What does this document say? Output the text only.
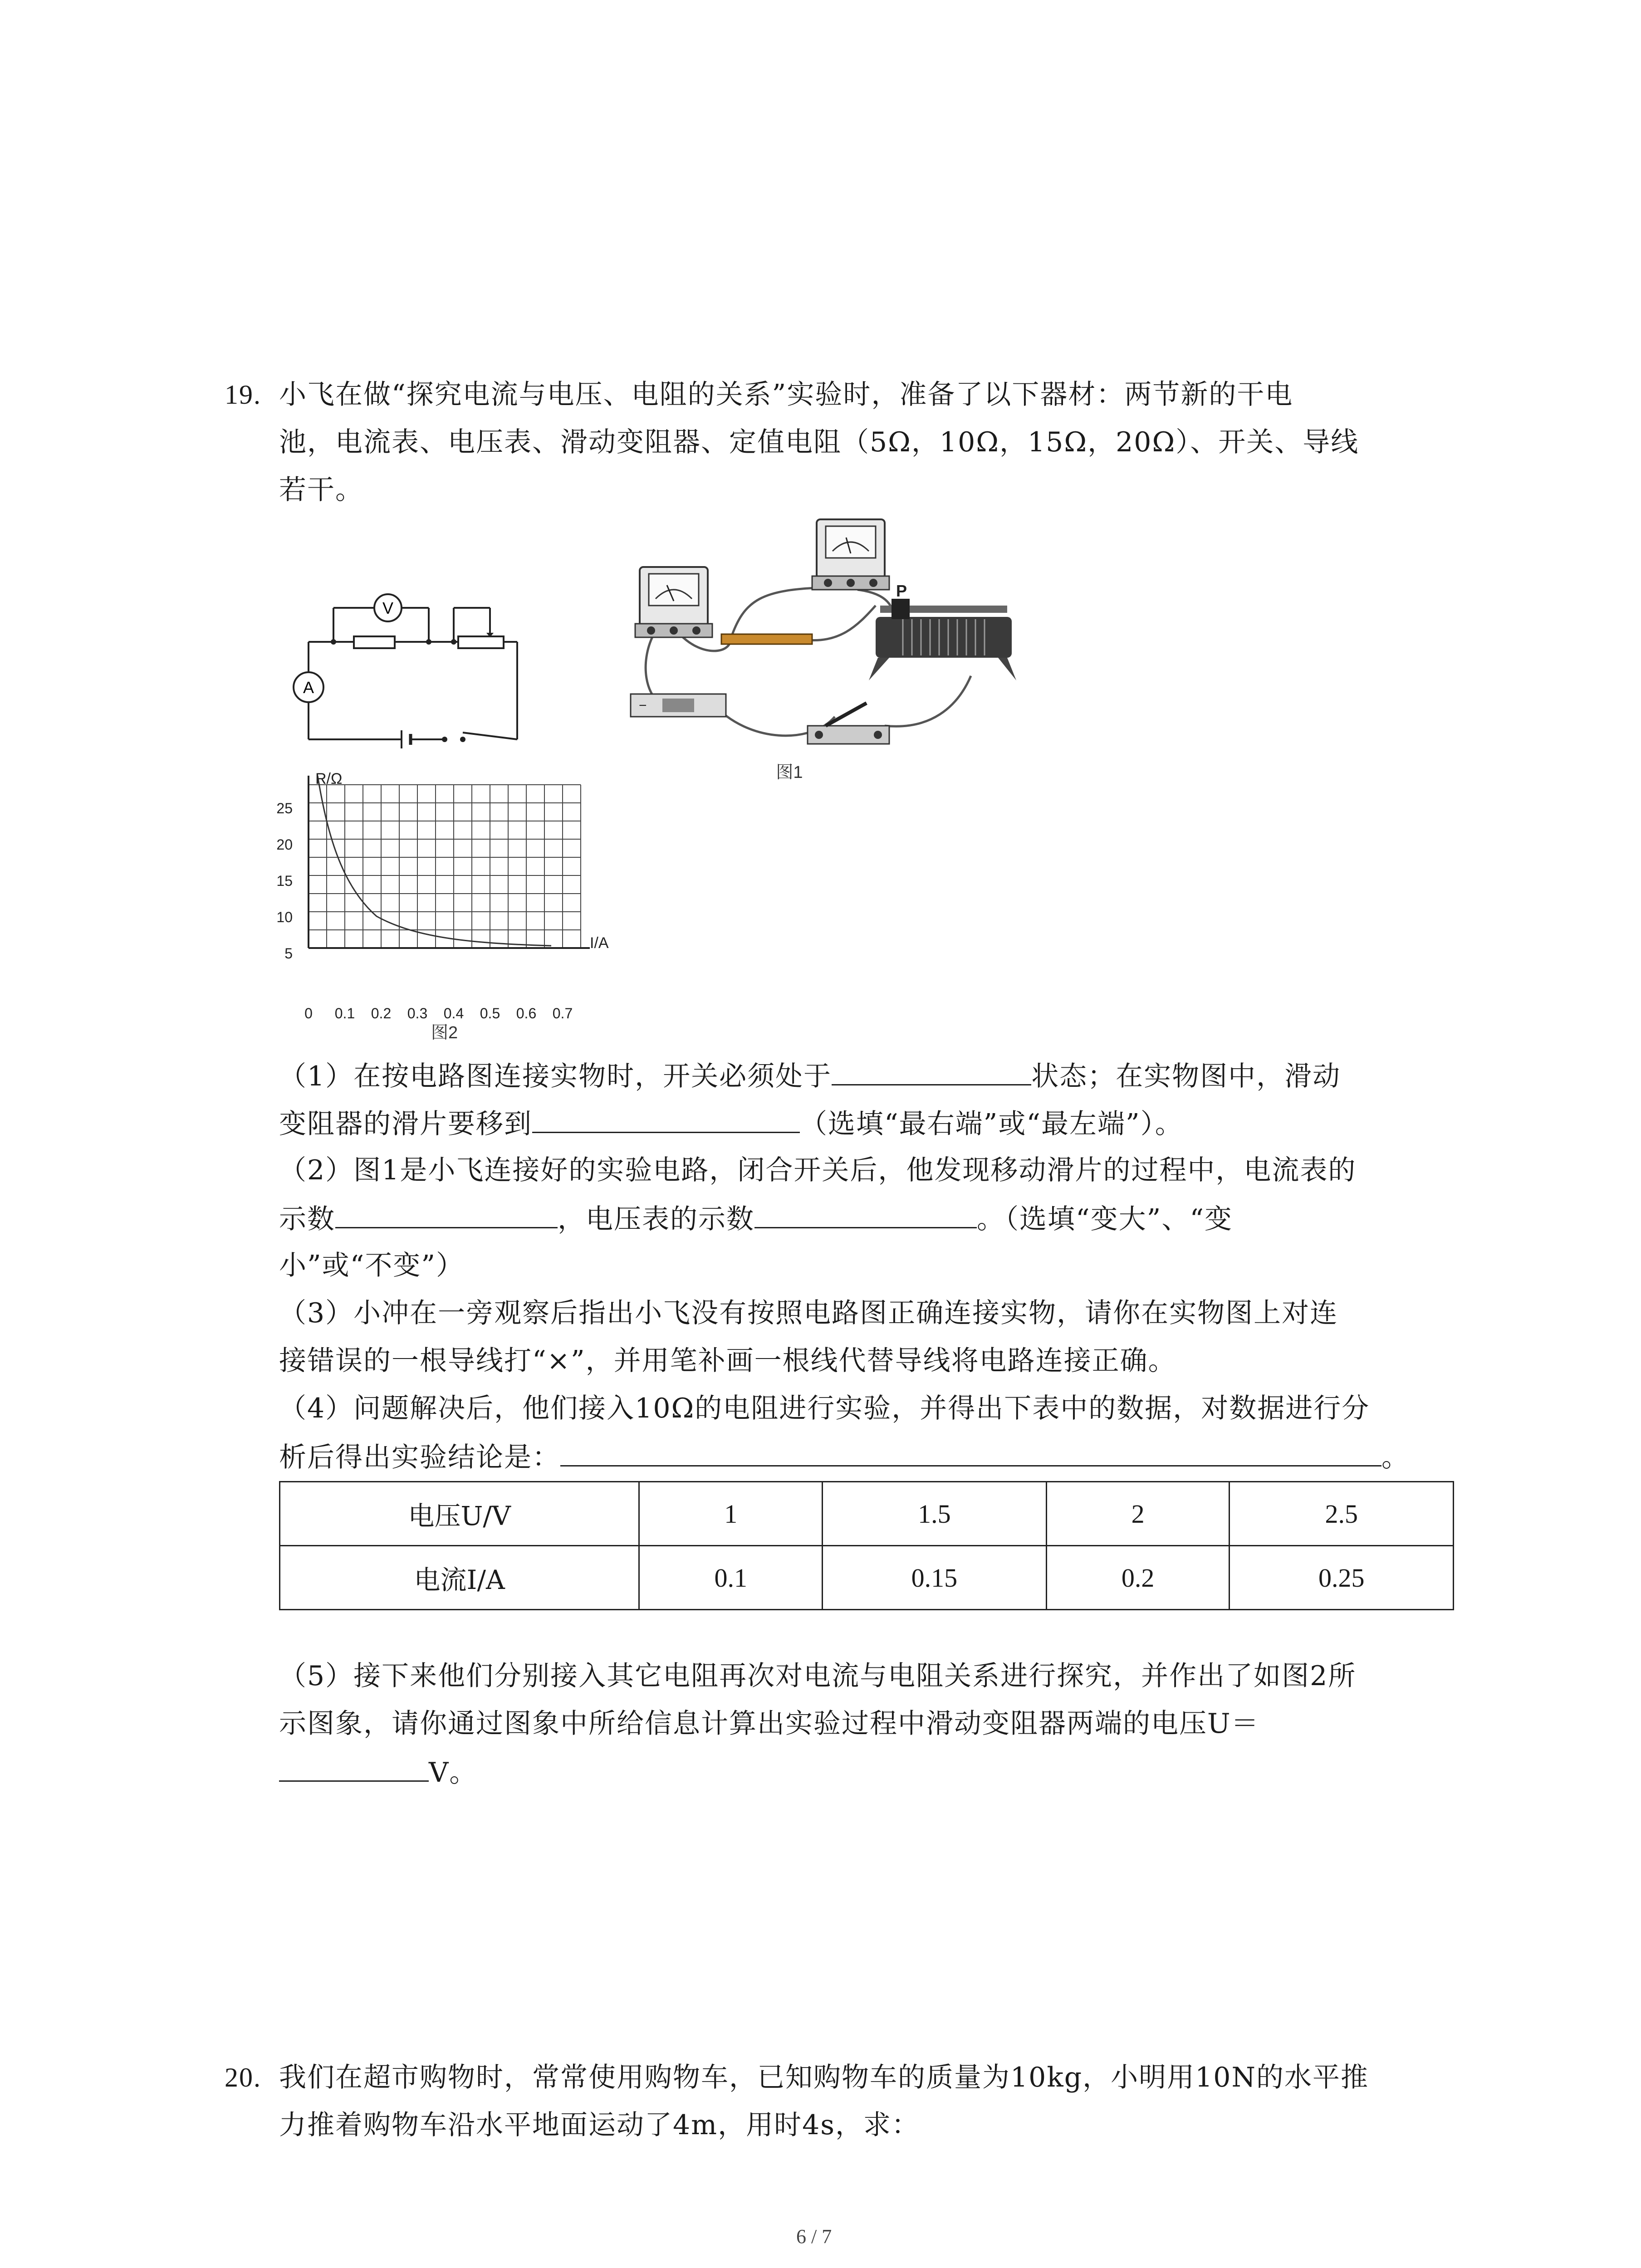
19. 小飞在做“探究电流与电压、电阻的关系”实验时，准备了以下器材：两节新的干电
池，电流表、电压表、滑动变阻器、定值电阻（5Ω，10Ω，15Ω，20Ω）、开关、导线
若干。
V
A
P
−
图1
R/Ω
I/A
25
20
15
10
5
0 0.1 0.2 0.3 0.4 0.5 0.6 0.7
图2
（1）在按电路图连接实物时，开关必须处于	状态；在实物图中，滑动
变阻器的滑片要移到	（选填“最右端”或“最左端”）。
（2）图1是小飞连接好的实验电路，闭合开关后，他发现移动滑片的过程中，电流表的
示数	，电压表的示数	。（选填“变大”、“变
小”或“不变”）
（3）小冲在一旁观察后指出小飞没有按照电路图正确连接实物，请你在实物图上对连
接错误的一根导线打“×”，并用笔补画一根线代替导线将电路连接正确。
（4）问题解决后，他们接入10Ω的电阻进行实验，并得出下表中的数据，对数据进行分
析后得出实验结论是：	。
电压U/V	1	1.5	2	2.5
电流I/A	0.1	0.15	0.2	0.25
（5）接下来他们分别接入其它电阻再次对电流与电阻关系进行探究，并作出了如图2所
示图象，请你通过图象中所给信息计算出实验过程中滑动变阻器两端的电压U＝
V。
20. 我们在超市购物时，常常使用购物车，已知购物车的质量为10kg，小明用10N的水平推
力推着购物车沿水平地面运动了4m，用时4s，求：
6 / 7
